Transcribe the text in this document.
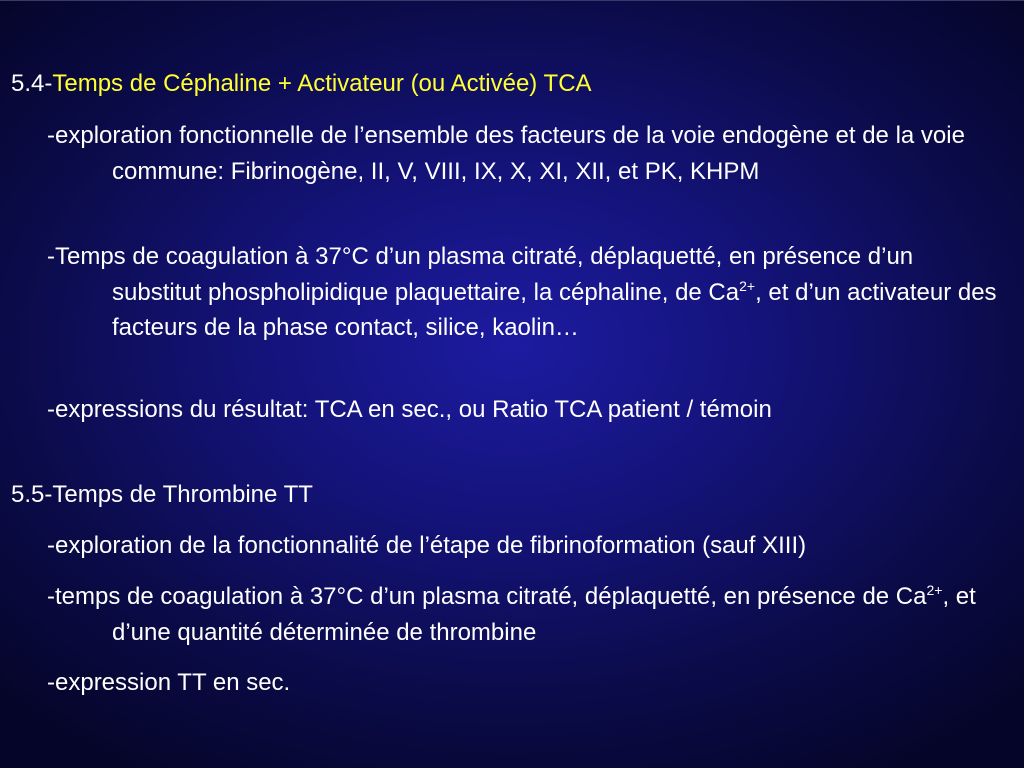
5.4-Temps de Céphaline + Activateur (ou Activée) TCA
-exploration fonctionnelle de l’ensemble des facteurs de la voie endogène et de la voie commune: Fibrinogène, II, V, VIII, IX, X, XI, XII, et PK, KHPM
-Temps de coagulation à 37°C d’un plasma citraté, déplaquetté, en présence d’un substitut phospholipidique plaquettaire, la céphaline, de $Ca^{2+}$, et d’un activateur des facteurs de la phase contact, silice, kaolin…
-expressions du résultat: TCA en sec., ou Ratio TCA patient / témoin
5.5-Temps de Thrombine TT
-exploration de la fonctionnalité de l’étape de fibrinoformation (sauf XIII)
-temps de coagulation à 37°C d’un plasma citraté, déplaquetté, en présence de $Ca^{2+}$, et d’une quantité déterminée de thrombine
-expression TT en sec.
